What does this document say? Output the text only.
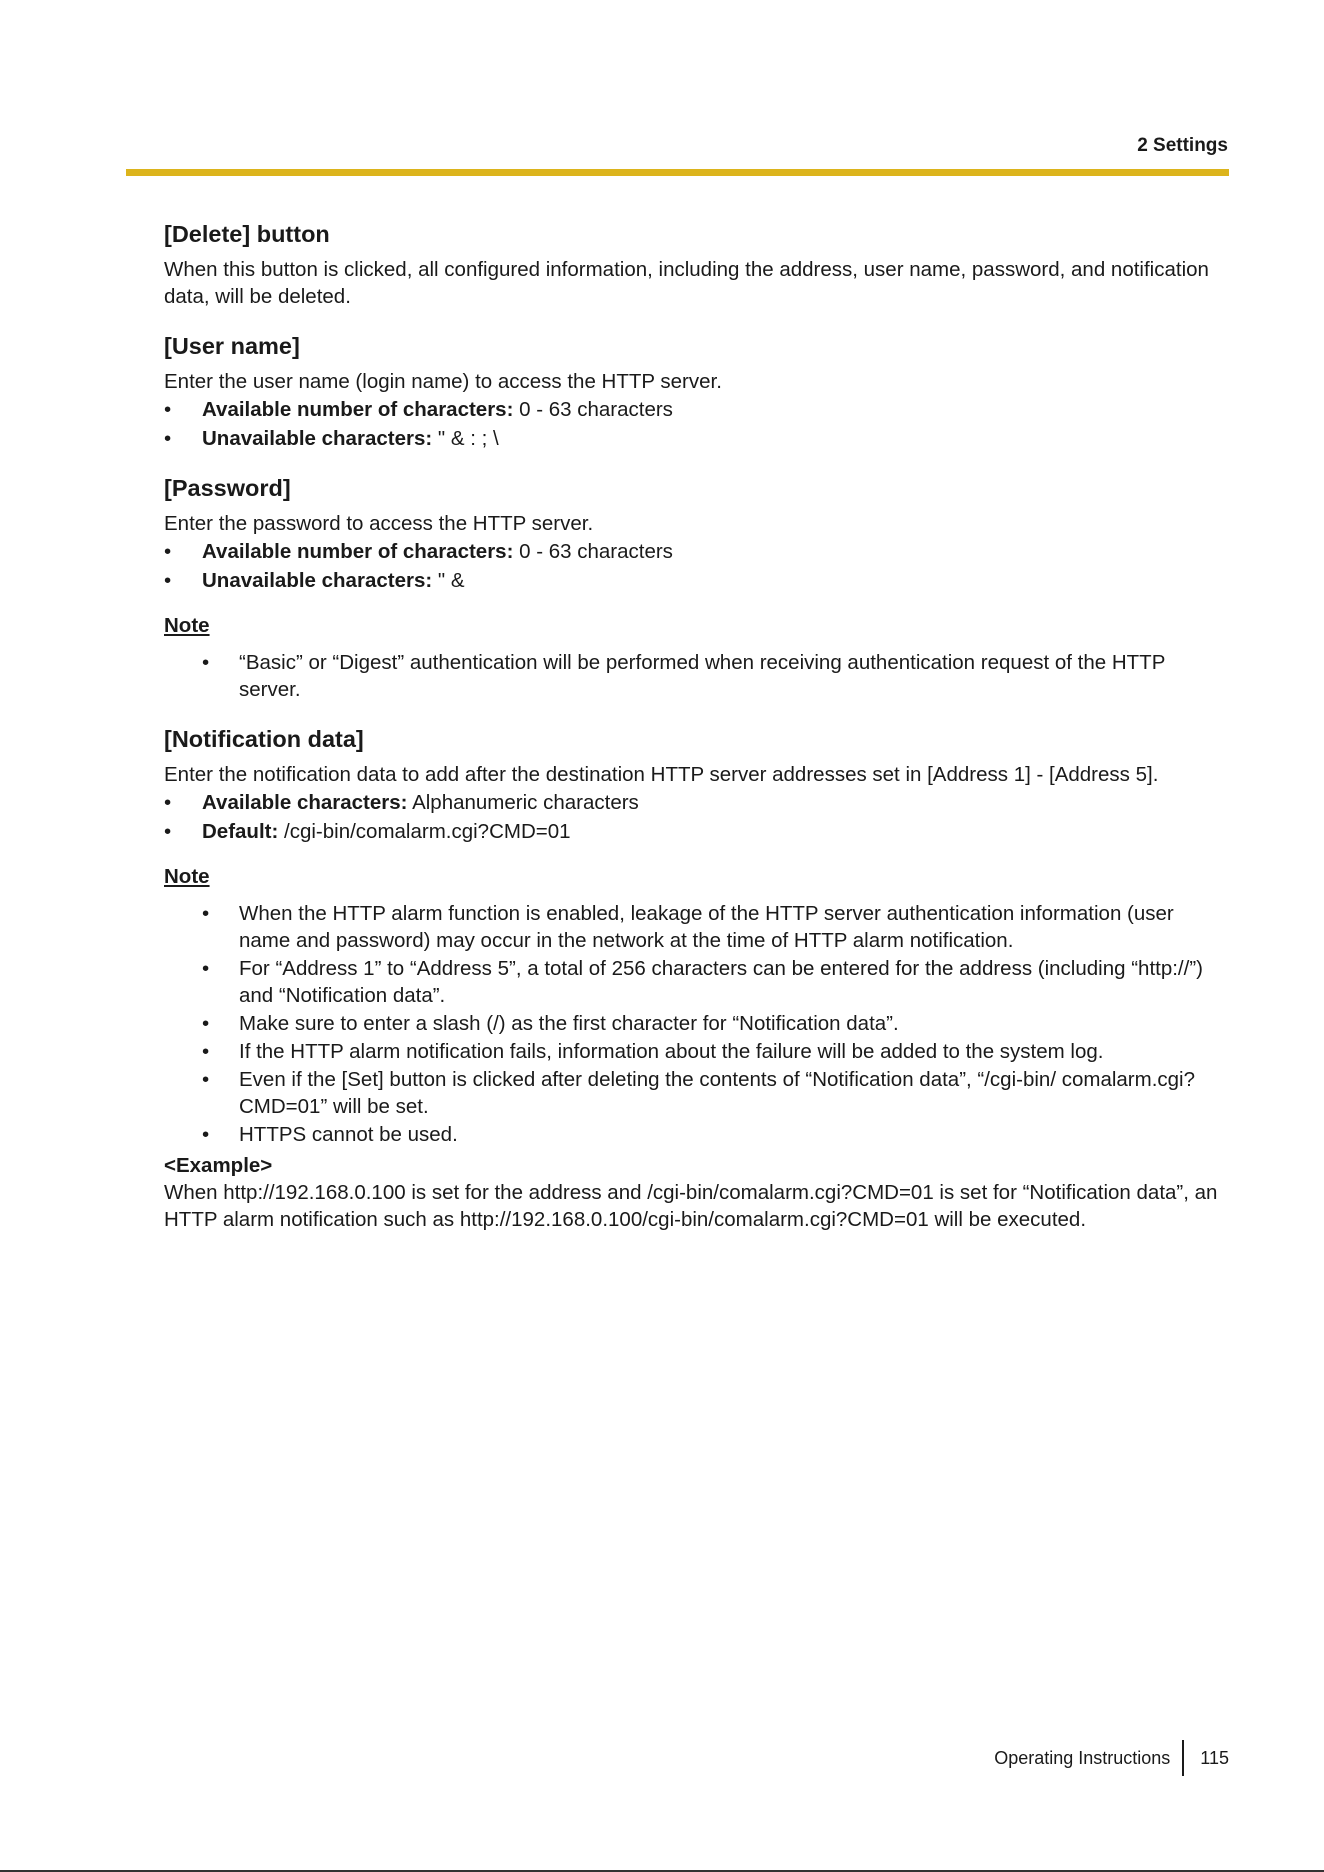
2 Settings
[Delete] button

When this button is clicked, all configured information, including the address, user name, password, and notification data, will be deleted.

[User name]

Enter the user name (login name) to access the HTTP server.

• Available number of characters: 0 - 63 characters
• Unavailable characters: " & : ; \
[Password]

Enter the password to access the HTTP server.

• Available number of characters: 0 - 63 characters
• Unavailable characters: " &
Note
• “Basic” or “Digest” authentication will be performed when receiving authentication request of the HTTP server.
[Notification data]

Enter the notification data to add after the destination HTTP server addresses set in [Address 1] - [Address 5].

• Available characters: Alphanumeric characters
• Default: /cgi-bin/comalarm.cgi?CMD=01
Note
• When the HTTP alarm function is enabled, leakage of the HTTP server authentication information (user name and password) may occur in the network at the time of HTTP alarm notification.
• For “Address 1” to “Address 5”, a total of 256 characters can be entered for the address (including “http://”) and “Notification data”.
• Make sure to enter a slash (/) as the first character for “Notification data”.
• If the HTTP alarm notification fails, information about the failure will be added to the system log.
• Even if the [Set] button is clicked after deleting the contents of “Notification data”, “/cgi-bin/ comalarm.cgi?CMD=01” will be set.
• HTTPS cannot be used.
<Example>

When http://192.168.0.100 is set for the address and /cgi-bin/comalarm.cgi?CMD=01 is set for “Notification data”, an HTTP alarm notification such as http://192.168.0.100/cgi-bin/comalarm.cgi?CMD=01 will be executed.

Operating Instructions 115
